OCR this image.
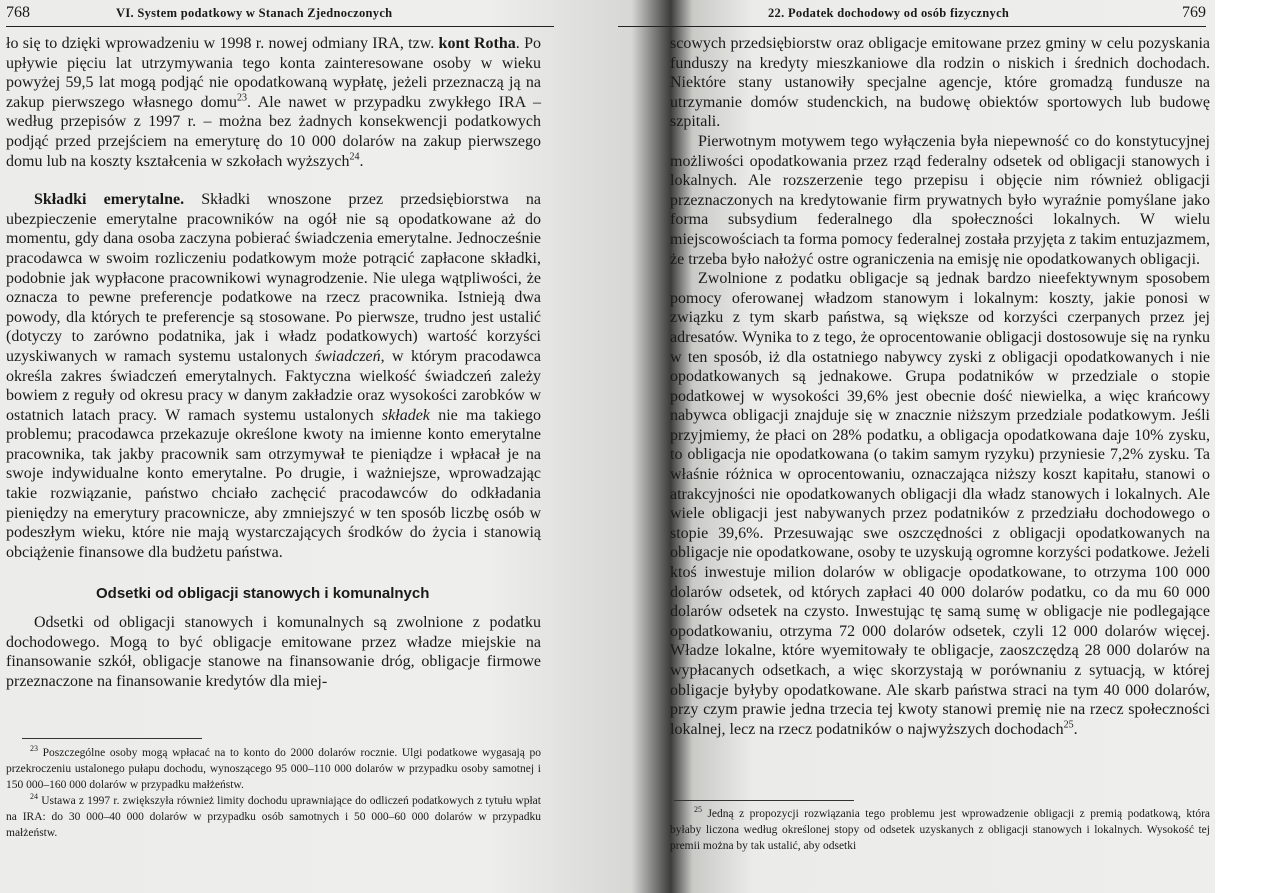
768	VI. System podatkowy w Stanach Zjednoczonych

ło się to dzięki wprowadzeniu w 1998 r. nowej odmiany IRA, tzw. kont Rotha. Po upływie pięciu lat utrzymywania tego konta zainteresowane osoby w wieku powyżej 59,5 lat mogą podjąć nie opodatkowaną wypłatę, jeżeli przeznaczą ją na zakup pierwszego własnego domu$^{23}$. Ale nawet w przypadku zwykłego IRA – według przepisów z 1997 r. – można bez żadnych konsekwencji podatkowych podjąć przed przejściem na emeryturę do 10 000 dolarów na zakup pierwszego domu lub na koszty kształcenia w szkołach wyższych$^{24}$.

Składki emerytalne. Składki wnoszone przez przedsiębiorstwa na ubezpieczenie emerytalne pracowników na ogół nie są opodatkowane aż do momentu, gdy dana osoba zaczyna pobierać świadczenia emerytalne. Jednocześnie pracodawca w swoim rozliczeniu podatkowym może potrącić zapłacone składki, podobnie jak wypłacone pracownikowi wynagrodzenie. Nie ulega wątpliwości, że oznacza to pewne preferencje podatkowe na rzecz pracownika. Istnieją dwa powody, dla których te preferencje są stosowane. Po pierwsze, trudno jest ustalić (dotyczy to zarówno podatnika, jak i władz podatkowych) wartość korzyści uzyskiwanych w ramach systemu ustalonych świadczeń, w którym pracodawca określa zakres świadczeń emerytalnych. Faktyczna wielkość świadczeń zależy bowiem z reguły od okresu pracy w danym zakładzie oraz wysokości zarobków w ostatnich latach pracy. W ramach systemu ustalonych składek nie ma takiego problemu; pracodawca przekazuje określone kwoty na imienne konto emerytalne pracownika, tak jakby pracownik sam otrzymywał te pieniądze i wpłacał je na swoje indywidualne konto emerytalne. Po drugie, i ważniejsze, wprowadzając takie rozwiązanie, państwo chciało zachęcić pracodawców do odkładania pieniędzy na emerytury pracownicze, aby zmniejszyć w ten sposób liczbę osób w podeszłym wieku, które nie mają wystarczających środków do życia i stanowią obciążenie finansowe dla budżetu państwa.

Odsetki od obligacji stanowych i komunalnych

Odsetki od obligacji stanowych i komunalnych są zwolnione z podatku dochodowego. Mogą to być obligacje emitowane przez władze miejskie na finansowanie szkół, obligacje stanowe na finansowanie dróg, obligacje firmowe przeznaczone na finansowanie kredytów dla miej-

$^{23}$ Poszczególne osoby mogą wpłacać na to konto do 2000 dolarów rocznie. Ulgi podatkowe wygasają po przekroczeniu ustalonego pułapu dochodu, wynoszącego 95 000–110 000 dolarów w przypadku osoby samotnej i 150 000–160 000 dolarów w przypadku małżeństw.

$^{24}$ Ustawa z 1997 r. zwiększyła również limity dochodu uprawniające do odliczeń podatkowych z tytułu wpłat na IRA: do 30 000–40 000 dolarów w przypadku osób samotnych i 50 000–60 000 dolarów w przypadku małżeństw.

22. Podatek dochodowy od osób fizycznych	769

scowych przedsiębiorstw oraz obligacje emitowane przez gminy w celu pozyskania funduszy na kredyty mieszkaniowe dla rodzin o niskich i średnich dochodach. Niektóre stany ustanowiły specjalne agencje, które gromadzą fundusze na utrzymanie domów studenckich, na budowę obiektów sportowych lub budowę szpitali.

Pierwotnym motywem tego wyłączenia była niepewność co do konstytucyjnej możliwości opodatkowania przez rząd federalny odsetek od obligacji stanowych i lokalnych. Ale rozszerzenie tego przepisu i objęcie nim również obligacji przeznaczonych na kredytowanie firm prywatnych było wyraźnie pomyślane jako forma subsydium federalnego dla społeczności lokalnych. W wielu miejscowościach ta forma pomocy federalnej została przyjęta z takim entuzjazmem, że trzeba było nałożyć ostre ograniczenia na emisję nie opodatkowanych obligacji.

Zwolnione z podatku obligacje są jednak bardzo nieefektywnym sposobem pomocy oferowanej władzom stanowym i lokalnym: koszty, jakie ponosi w związku z tym skarb państwa, są większe od korzyści czerpanych przez jej adresatów. Wynika to z tego, że oprocentowanie obligacji dostosowuje się na rynku w ten sposób, iż dla ostatniego nabywcy zyski z obligacji opodatkowanych i nie opodatkowanych są jednakowe. Grupa podatników w przedziale o stopie podatkowej w wysokości 39,6% jest obecnie dość niewielka, a więc krańcowy nabywca obligacji znajduje się w znacznie niższym przedziale podatkowym. Jeśli przyjmiemy, że płaci on 28% podatku, a obligacja opodatkowana daje 10% zysku, to obligacja nie opodatkowana (o takim samym ryzyku) przyniesie 7,2% zysku. Ta właśnie różnica w oprocentowaniu, oznaczająca niższy koszt kapitału, stanowi o atrakcyjności nie opodatkowanych obligacji dla władz stanowych i lokalnych. Ale wiele obligacji jest nabywanych przez podatników z przedziału dochodowego o stopie 39,6%. Przesuwając swe oszczędności z obligacji opodatkowanych na obligacje nie opodatkowane, osoby te uzyskują ogromne korzyści podatkowe. Jeżeli ktoś inwestuje milion dolarów w obligacje opodatkowane, to otrzyma 100 000 dolarów odsetek, od których zapłaci 40 000 dolarów podatku, co da mu 60 000 dolarów odsetek na czysto. Inwestując tę samą sumę w obligacje nie podlegające opodatkowaniu, otrzyma 72 000 dolarów odsetek, czyli 12 000 dolarów więcej. Władze lokalne, które wyemitowały te obligacje, zaoszczędzą 28 000 dolarów na wypłacanych odsetkach, a więc skorzystają w porównaniu z sytuacją, w której obligacje byłyby opodatkowane. Ale skarb państwa straci na tym 40 000 dolarów, przy czym prawie jedna trzecia tej kwoty stanowi premię nie na rzecz społeczności lokalnej, lecz na rzecz podatników o najwyższych dochodach$^{25}$.

$^{25}$ Jedną z propozycji rozwiązania tego problemu jest wprowadzenie obligacji z premią podatkową, która byłaby liczona według określonej stopy od odsetek uzyskanych z obligacji stanowych i lokalnych. Wysokość tej premii można by tak ustalić, aby odsetki
